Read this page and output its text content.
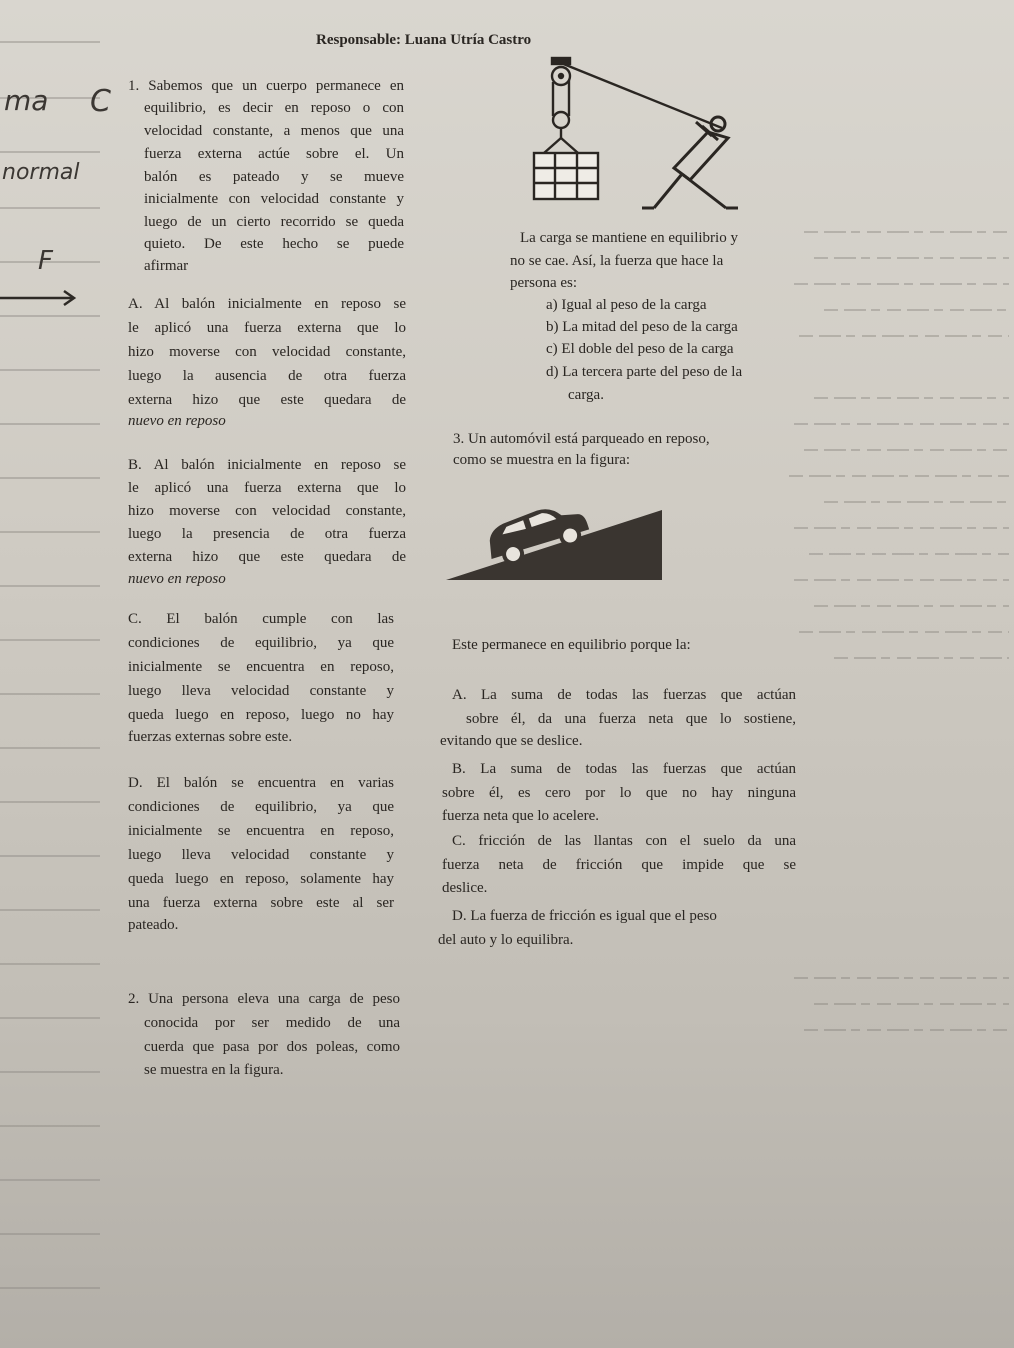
ma C
normal
F
Responsable: Luana Utría Castro
1. Sabemos que un cuerpo permanece en
equilibrio, es decir en reposo o con
velocidad constante, a menos que una
fuerza externa actúe sobre el. Un
balón es pateado y se mueve
inicialmente con velocidad constante y
luego de un cierto recorrido se queda
quieto. De este hecho se puede
afirmar
A. Al balón inicialmente en reposo se
le aplicó una fuerza externa que lo
hizo moverse con velocidad constante,
luego la ausencia de otra fuerza
externa hizo que este quedara de
nuevo en reposo
B. Al balón inicialmente en reposo se
le aplicó una fuerza externa que lo
hizo moverse con velocidad constante,
luego la presencia de otra fuerza
externa hizo que este quedara de
nuevo en reposo
C. El balón cumple con las
condiciones de equilibrio, ya que
inicialmente se encuentra en reposo,
luego lleva velocidad constante y
queda luego en reposo, luego no hay
fuerzas externas sobre este.
D. El balón se encuentra en varias
condiciones de equilibrio, ya que
inicialmente se encuentra en reposo,
luego lleva velocidad constante y
queda luego en reposo, solamente hay
una fuerza externa sobre este al ser
pateado.
2. Una persona eleva una carga de peso
conocida por ser medido de una
cuerda que pasa por dos poleas, como
se muestra en la figura.
La carga se mantiene en equilibrio y
no se cae. Así, la fuerza que hace la
persona es:
a) Igual al peso de la carga
b) La mitad del peso de la carga
c) El doble del peso de la carga
d) La tercera parte del peso de la
carga.
3. Un automóvil está parqueado en reposo,
como se muestra en la figura:
Este permanece en equilibrio porque la:
A. La suma de todas las fuerzas que actúan
sobre él, da una fuerza neta que lo sostiene,
evitando que se deslice.
B. La suma de todas las fuerzas que actúan
sobre él, es cero por lo que no hay ninguna
fuerza neta que lo acelere.
C. fricción de las llantas con el suelo da una
fuerza neta de fricción que impide que se
deslice.
D. La fuerza de fricción es igual que el peso
del auto y lo equilibra.
